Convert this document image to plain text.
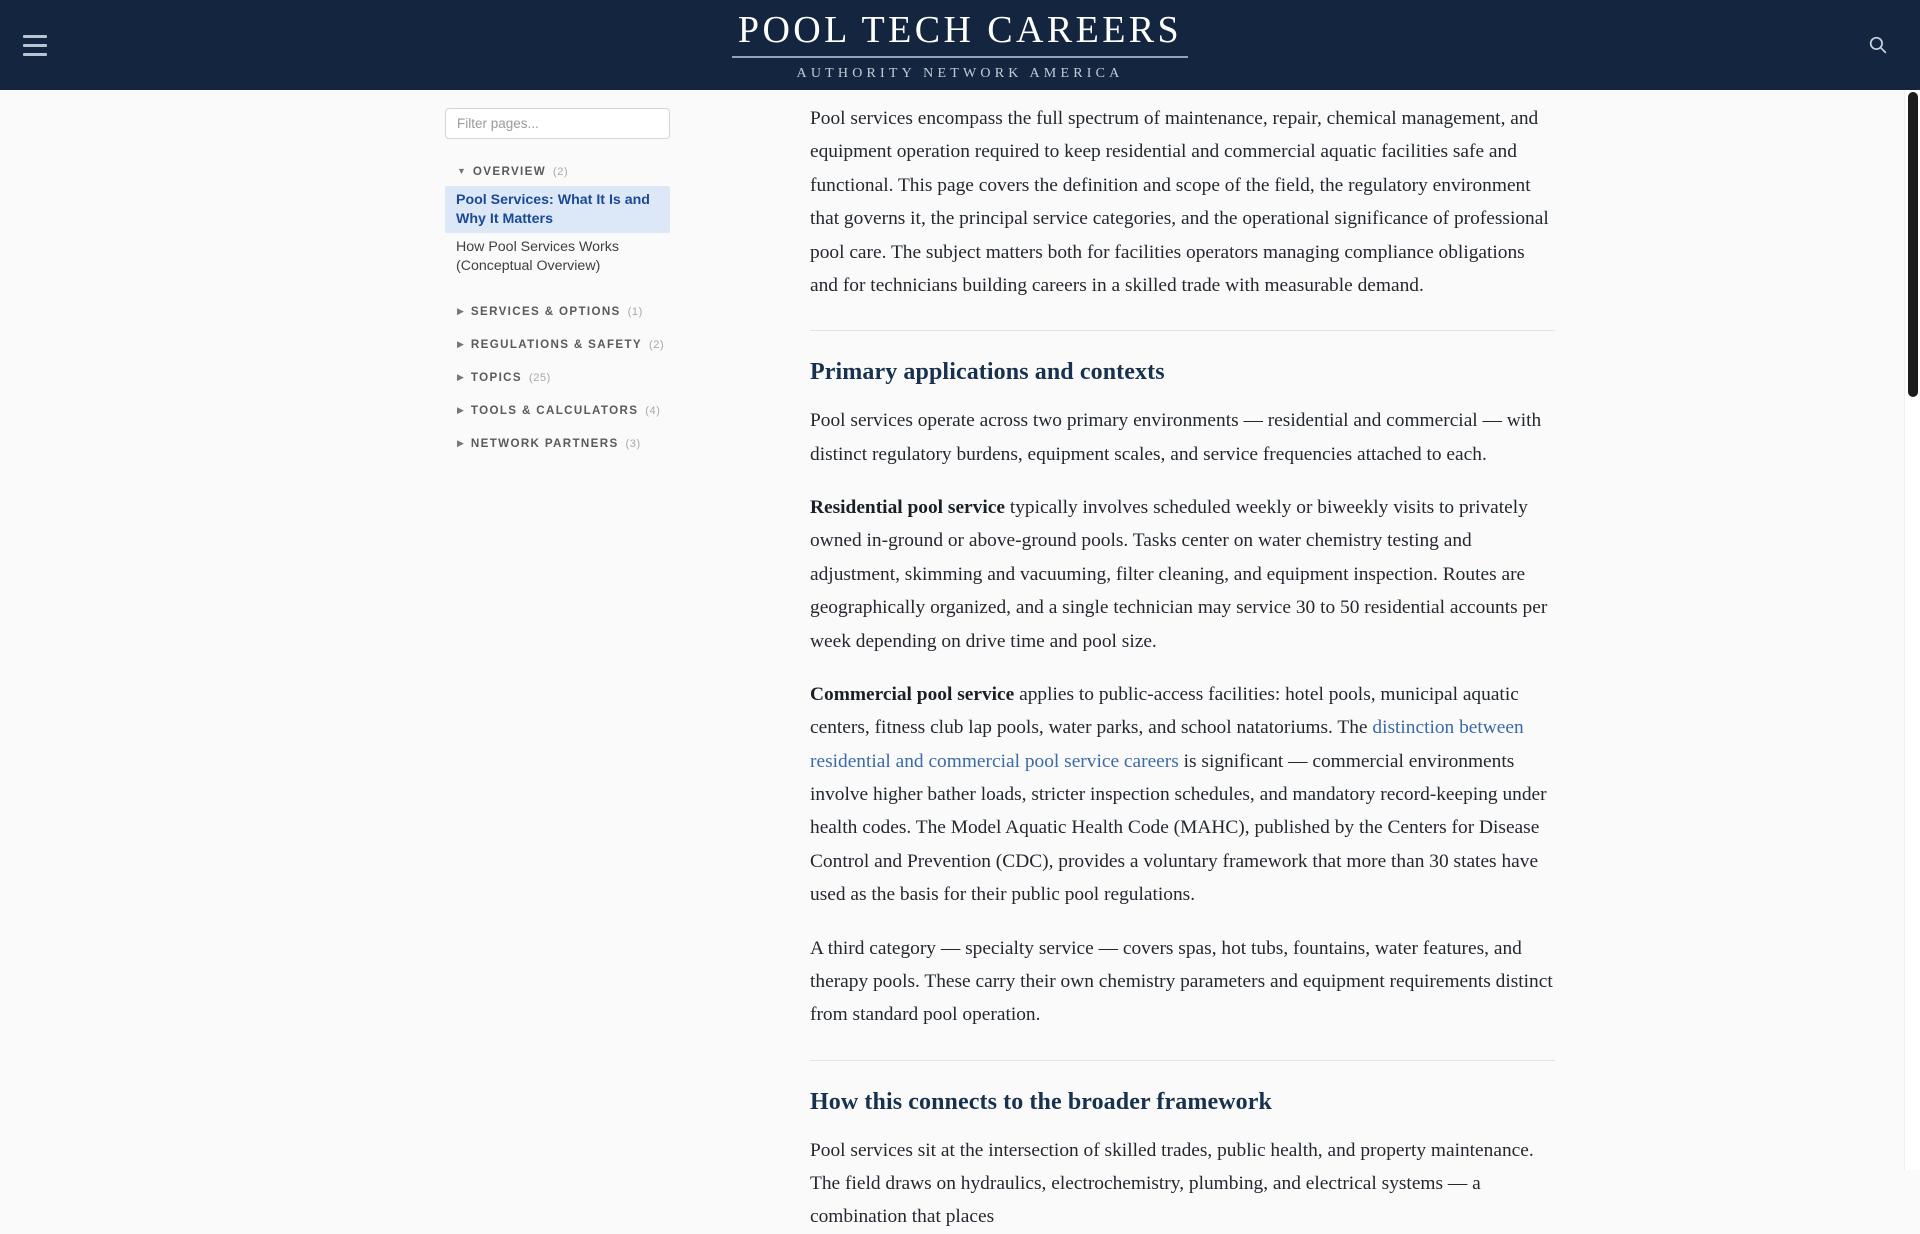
POOL TECH CAREERS
AUTHORITY NETWORK AMERICA
Filter pages...
▼ OVERVIEW (2)
Pool Services: What It Is and Why It Matters
How Pool Services Works (Conceptual Overview)
▶ SERVICES & OPTIONS (1)
▶ REGULATIONS & SAFETY (2)
▶ TOPICS (25)
▶ TOOLS & CALCULATORS (4)
▶ NETWORK PARTNERS (3)

Pool services encompass the full spectrum of maintenance, repair, chemical management, and equipment operation required to keep residential and commercial aquatic facilities safe and functional. This page covers the definition and scope of the field, the regulatory environment that governs it, the principal service categories, and the operational significance of professional pool care. The subject matters both for facilities operators managing compliance obligations and for technicians building careers in a skilled trade with measurable demand.

Primary applications and contexts

Pool services operate across two primary environments — residential and commercial — with distinct regulatory burdens, equipment scales, and service frequencies attached to each.

Residential pool service typically involves scheduled weekly or biweekly visits to privately owned in-ground or above-ground pools. Tasks center on water chemistry testing and adjustment, skimming and vacuuming, filter cleaning, and equipment inspection. Routes are geographically organized, and a single technician may service 30 to 50 residential accounts per week depending on drive time and pool size.

Commercial pool service applies to public-access facilities: hotel pools, municipal aquatic centers, fitness club lap pools, water parks, and school natatoriums. The distinction between residential and commercial pool service careers is significant — commercial environments involve higher bather loads, stricter inspection schedules, and mandatory record-keeping under health codes. The Model Aquatic Health Code (MAHC), published by the Centers for Disease Control and Prevention (CDC), provides a voluntary framework that more than 30 states have used as the basis for their public pool regulations.

A third category — specialty service — covers spas, hot tubs, fountains, water features, and therapy pools. These carry their own chemistry parameters and equipment requirements distinct from standard pool operation.

How this connects to the broader framework

Pool services sit at the intersection of skilled trades, public health, and property maintenance. The field draws on hydraulics, electrochemistry, plumbing, and electrical systems — a combination that places
